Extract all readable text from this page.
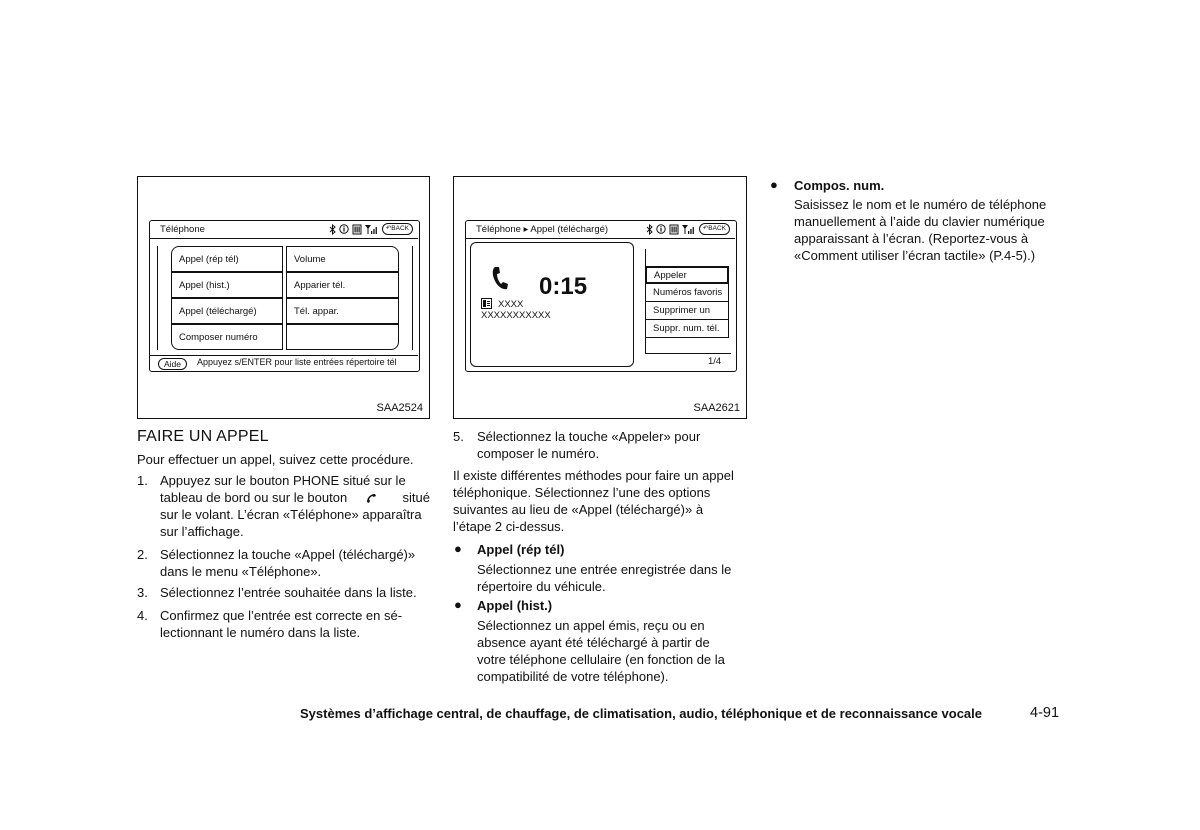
Téléphone	↶BACK
Appel (rép tél)
Appel (hist.)
Appel (téléchargé)
Composer numéro
Volume
Apparier tél.
Tél. appar.
Aide	Appuyez s/ENTER pour liste entrées répertoire tél
SAA2524
Téléphone ▸ Appel (téléchargé)	↶BACK
0:15
XXXX
XXXXXXXXXXX
Appeler
Numéros favoris
Supprimer un
Suppr. num. tél.
1/4
SAA2621
FAIRE UN APPEL
Pour effectuer un appel, suivez cette procédure.
1. Appuyez sur le bouton PHONE situé sur le
tableau de bord ou sur le bouton	situé
sur le volant. L’écran «Téléphone» apparaîtra
sur l’affichage.
2. Sélectionnez la touche «Appel (téléchargé)»
dans le menu «Téléphone».
3. Sélectionnez l’entrée souhaitée dans la liste.
4. Confirmez que l’entrée est correcte en sé-
lectionnant le numéro dans la liste.
5. Sélectionnez la touche «Appeler» pour
composer le numéro.
Il existe différentes méthodes pour faire un appel
téléphonique. Sélectionnez l’une des options
suivantes au lieu de «Appel (téléchargé)» à
l’étape 2 ci-dessus.
● Appel (rép tél)
Sélectionnez une entrée enregistrée dans le
répertoire du véhicule.
● Appel (hist.)
Sélectionnez un appel émis, reçu ou en
absence ayant été téléchargé à partir de
votre téléphone cellulaire (en fonction de la
compatibilité de votre téléphone).
● Compos. num.
Saisissez le nom et le numéro de téléphone
manuellement à l’aide du clavier numérique
apparaissant à l’écran. (Reportez-vous à
«Comment utiliser l’écran tactile» (P.4-5).)
Systèmes d’affichage central, de chauffage, de climatisation, audio, téléphonique et de reconnaissance vocale	4-91
